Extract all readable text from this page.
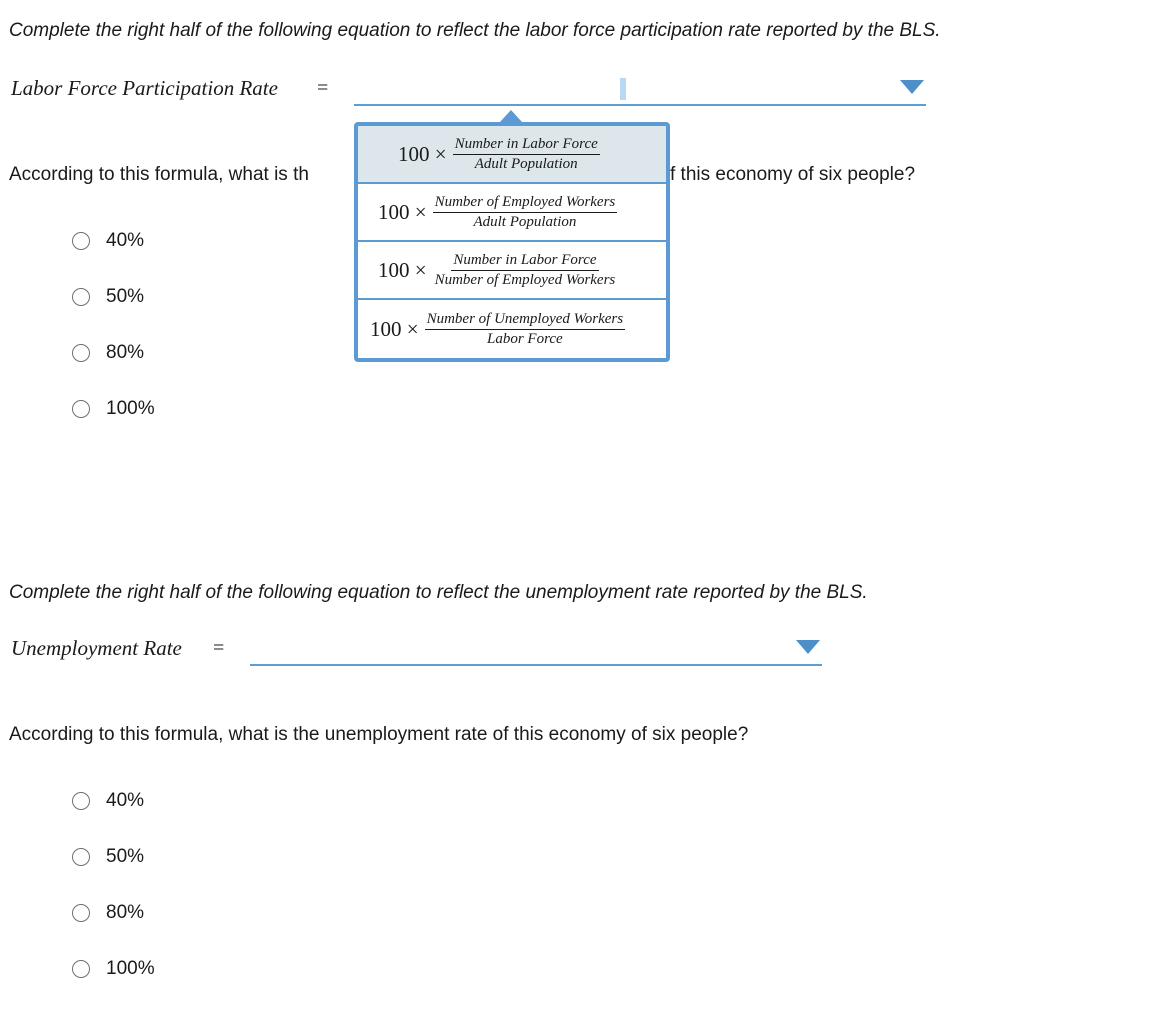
Complete the right half of the following equation to reflect the labor force participation rate reported by the BLS.
Labor Force Participation Rate =
According to this formula, what is th	f this economy of six people?
40%
50%
80%
100%
$100 \times \frac{\text{Number in Labor Force}}{\text{Adult Population}}$
$100 \times \frac{\text{Number of Employed Workers}}{\text{Adult Population}}$
$100 \times \frac{\text{Number in Labor Force}}{\text{Number of Employed Workers}}$
$100 \times \frac{\text{Number of Unemployed Workers}}{\text{Labor Force}}$
Complete the right half of the following equation to reflect the unemployment rate reported by the BLS.
Unemployment Rate =
According to this formula, what is the unemployment rate of this economy of six people?
40%
50%
80%
100%
